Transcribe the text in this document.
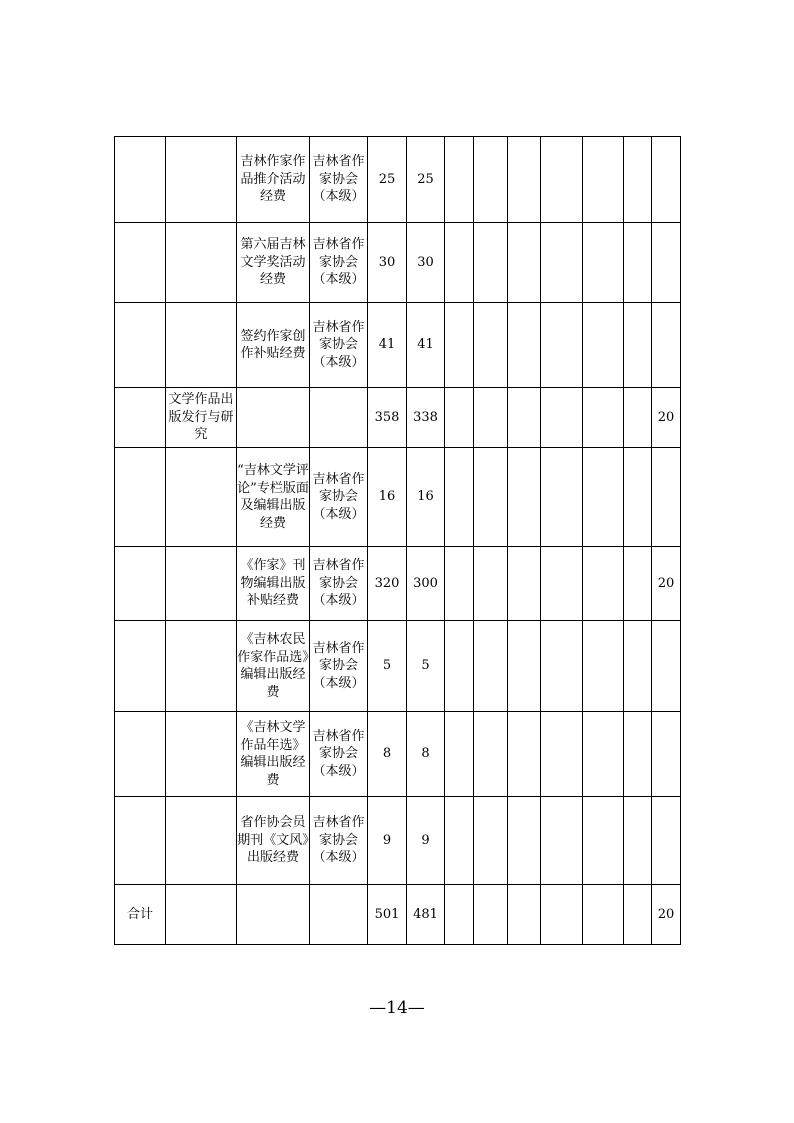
		吉林作家作品推介活动经费	吉林省作家协会（本级）	25	25							
		第六届吉林文学奖活动经费	吉林省作家协会（本级）	30	30							
		签约作家创作补贴经费	吉林省作家协会（本级）	41	41							
	文学作品出版发行与研究			358	338							20
		“吉林文学评论”专栏版面及编辑出版经费	吉林省作家协会（本级）	16	16							
		《作家》刊物编辑出版补贴经费	吉林省作家协会（本级）	320	300							20
		《吉林农民作家作品选》编辑出版经费	吉林省作家协会（本级）	5	5							
		《吉林文学作品年选》编辑出版经费	吉林省作家协会（本级）	8	8							
		省作协会员期刊《文风》出版经费	吉林省作家协会（本级）	9	9							
合计				501	481							20
—14—
